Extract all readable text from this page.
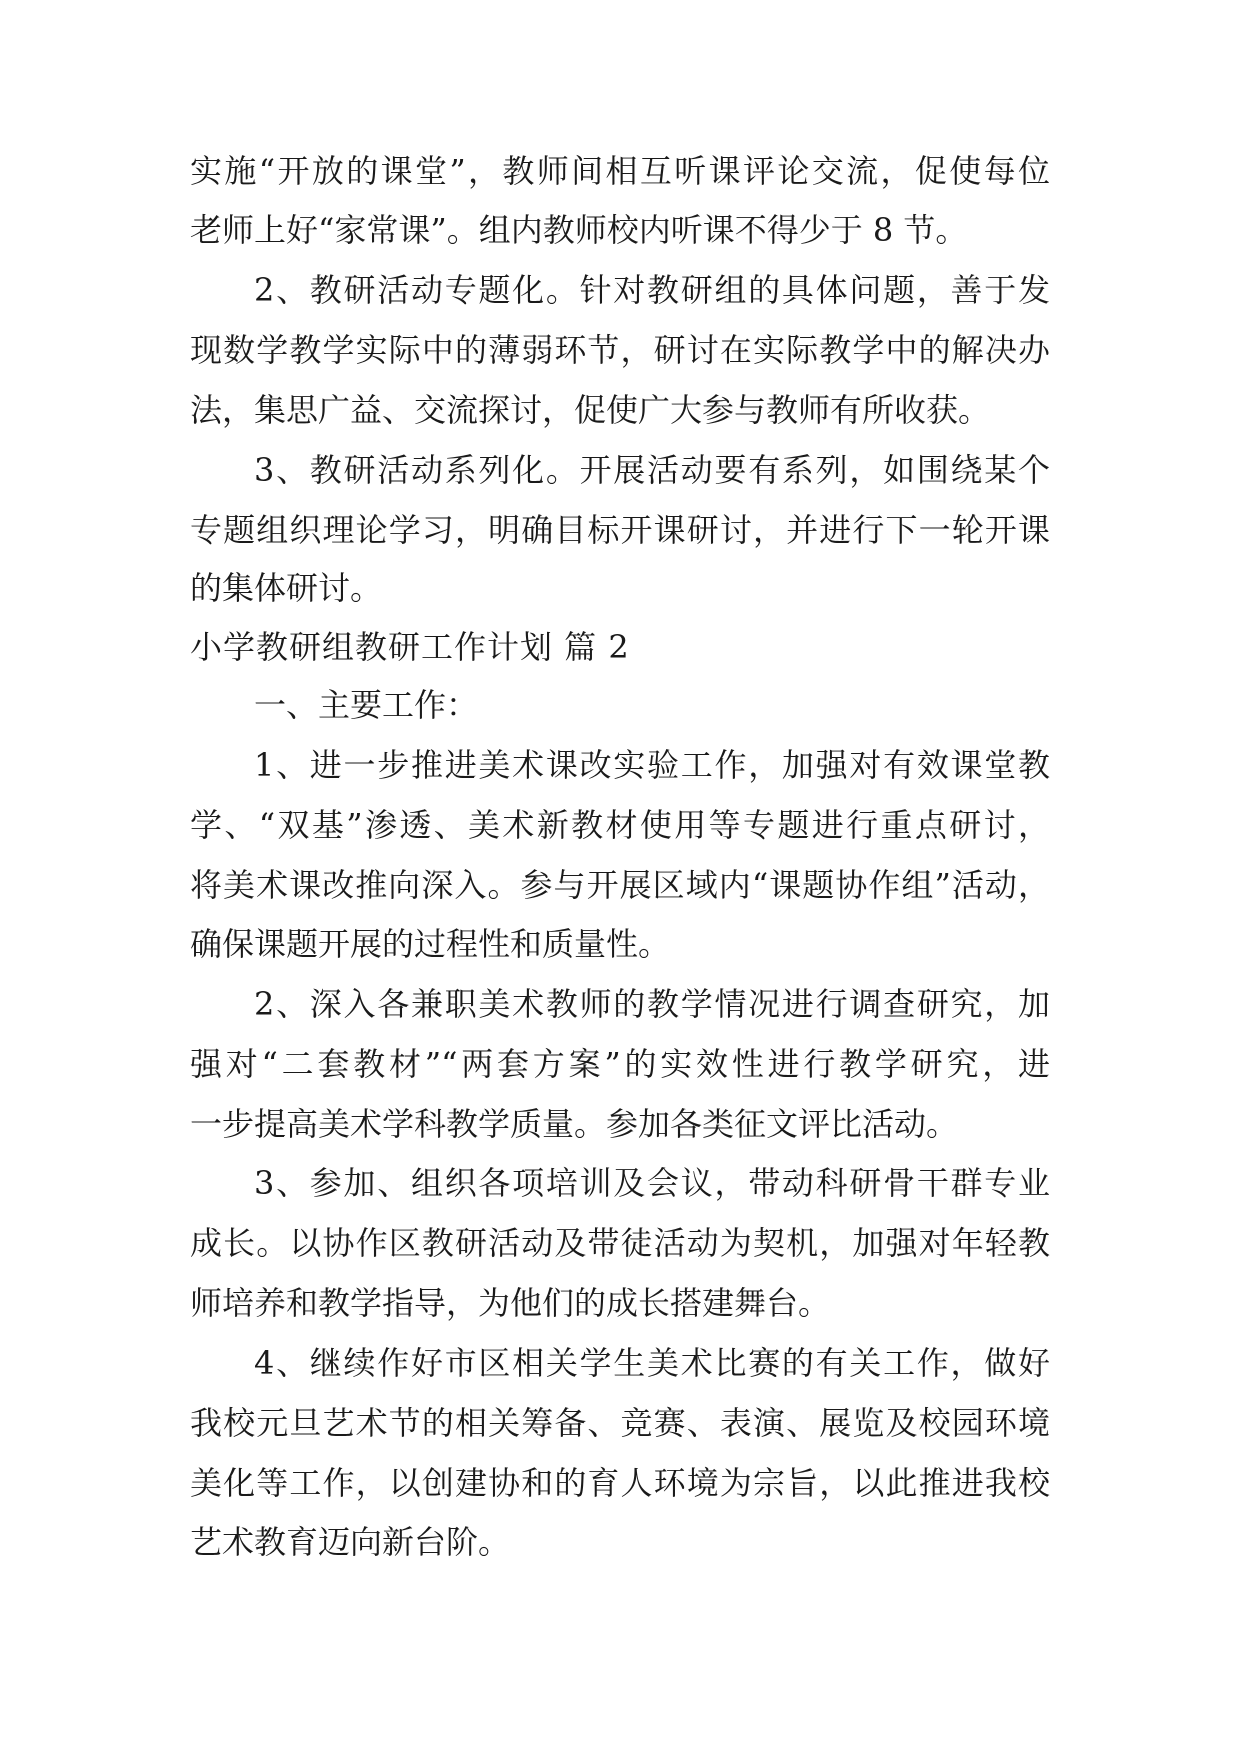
实施“开放的课堂”，教师间相互听课评论交流，促使每位
老师上好“家常课”。组内教师校内听课不得少于 8 节。
2、教研活动专题化。针对教研组的具体问题，善于发
现数学教学实际中的薄弱环节，研讨在实际教学中的解决办
法，集思广益、交流探讨，促使广大参与教师有所收获。
3、教研活动系列化。开展活动要有系列，如围绕某个
专题组织理论学习，明确目标开课研讨，并进行下一轮开课
的集体研讨。
小学教研组教研工作计划 篇 2
一、主要工作：
1、进一步推进美术课改实验工作，加强对有效课堂教
学、“双基”渗透、美术新教材使用等专题进行重点研讨，
将美术课改推向深入。参与开展区域内“课题协作组”活动，
确保课题开展的过程性和质量性。
2、深入各兼职美术教师的教学情况进行调查研究，加
强对“二套教材”“两套方案”的实效性进行教学研究，进
一步提高美术学科教学质量。参加各类征文评比活动。
3、参加、组织各项培训及会议，带动科研骨干群专业
成长。以协作区教研活动及带徒活动为契机，加强对年轻教
师培养和教学指导，为他们的成长搭建舞台。
4、继续作好市区相关学生美术比赛的有关工作，做好
我校元旦艺术节的相关筹备、竞赛、表演、展览及校园环境
美化等工作，以创建协和的育人环境为宗旨，以此推进我校
艺术教育迈向新台阶。
